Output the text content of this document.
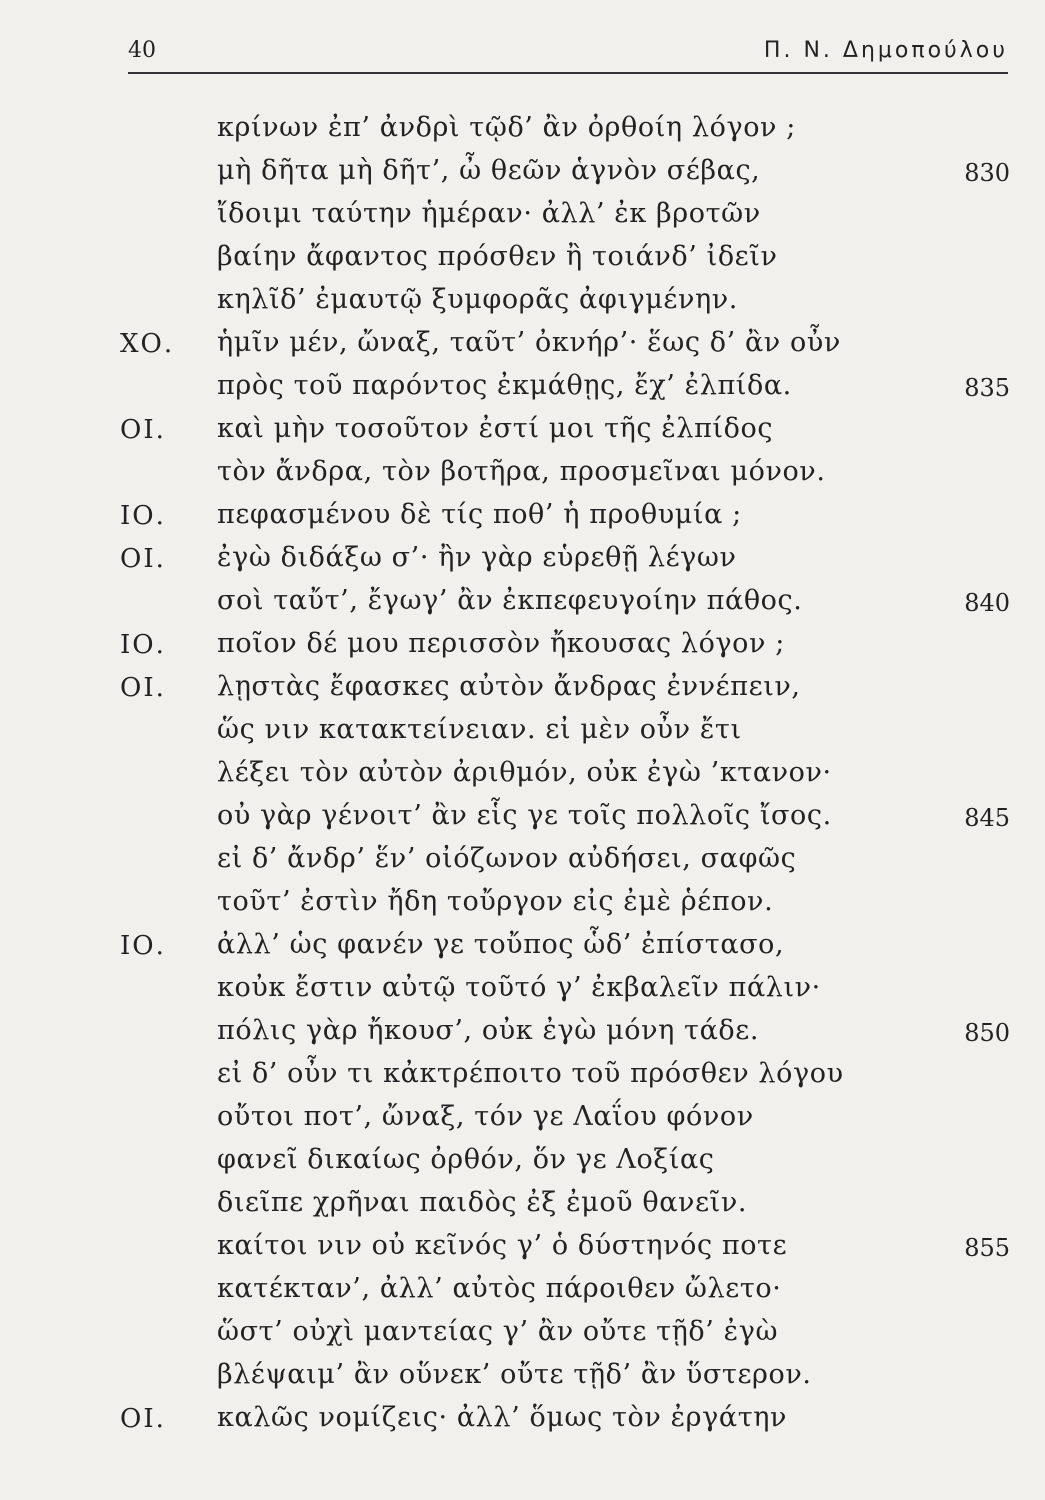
40	Π. Ν. Δημοπούλου
κρίνων ἐπ’ ἀνδρὶ τῷδ’ ἂν ὀρθοίη λόγον ;
μὴ δῆτα μὴ δῆτ’, ὦ θεῶν ἁγνὸν σέβας,	830
ἴδοιμι ταύτην ἡμέραν· ἀλλ’ ἐκ βροτῶν
βαίην ἄφαντος πρόσθεν ἢ τοιάνδ’ ἰδεῖν
κηλῖδ’ ἐμαυτῷ ξυμφορᾶς ἀφιγμένην.
ΧΟ. ἡμῖν μέν, ὤναξ, ταῦτ’ ὀκνήρ’· ἕως δ’ ἂν οὖν
πρὸς τοῦ παρόντος ἐκμάθῃς, ἔχ’ ἐλπίδα.	835
ΟΙ. καὶ μὴν τοσοῦτον ἐστί μοι τῆς ἐλπίδος
τὸν ἄνδρα, τὸν βοτῆρα, προσμεῖναι μόνον.
ΙΟ. πεφασμένου δὲ τίς ποθ’ ἡ προθυμία ;
ΟΙ. ἐγὼ διδάξω σ’· ἢν γὰρ εὑρεθῇ λέγων
σοὶ ταὔτ’, ἔγωγ’ ἂν ἐκπεφευγοίην πάθος.	840
ΙΟ. ποῖον δέ μου περισσὸν ἤκουσας λόγον ;
ΟΙ. λῃστὰς ἔφασκες αὐτὸν ἄνδρας ἐννέπειν,
ὥς νιν κατακτείνειαν. εἰ μὲν οὖν ἔτι
λέξει τὸν αὐτὸν ἀριθμόν, οὐκ ἐγὼ ’κτανον·
οὐ γὰρ γένοιτ’ ἂν εἷς γε τοῖς πολλοῖς ἴσος.	845
εἰ δ’ ἄνδρ’ ἕν’ οἰόζωνον αὐδήσει, σαφῶς
τοῦτ’ ἐστὶν ἤδη τοὔργον εἰς ἐμὲ ῥέπον.
ΙΟ. ἀλλ’ ὡς φανέν γε τοὔπος ὧδ’ ἐπίστασο,
κοὐκ ἔστιν αὐτῷ τοῦτό γ’ ἐκβαλεῖν πάλιν·
πόλις γὰρ ἤκουσ’, οὐκ ἐγὼ μόνη τάδε.	850
εἰ δ’ οὖν τι κἀκτρέποιτο τοῦ πρόσθεν λόγου
οὔτοι ποτ’, ὤναξ, τόν γε Λαΐου φόνον
φανεῖ δικαίως ὀρθόν, ὅν γε Λοξίας
διεῖπε χρῆναι παιδὸς ἐξ ἐμοῦ θανεῖν.
καίτοι νιν οὐ κεῖνός γ’ ὁ δύστηνός ποτε	855
κατέκταν’, ἀλλ’ αὐτὸς πάροιθεν ὤλετο·
ὥστ’ οὐχὶ μαντείας γ’ ἂν οὔτε τῇδ’ ἐγὼ
βλέψαιμ’ ἂν οὕνεκ’ οὔτε τῇδ’ ἂν ὕστερον.
ΟΙ. καλῶς νομίζεις· ἀλλ’ ὅμως τὸν ἐργάτην
